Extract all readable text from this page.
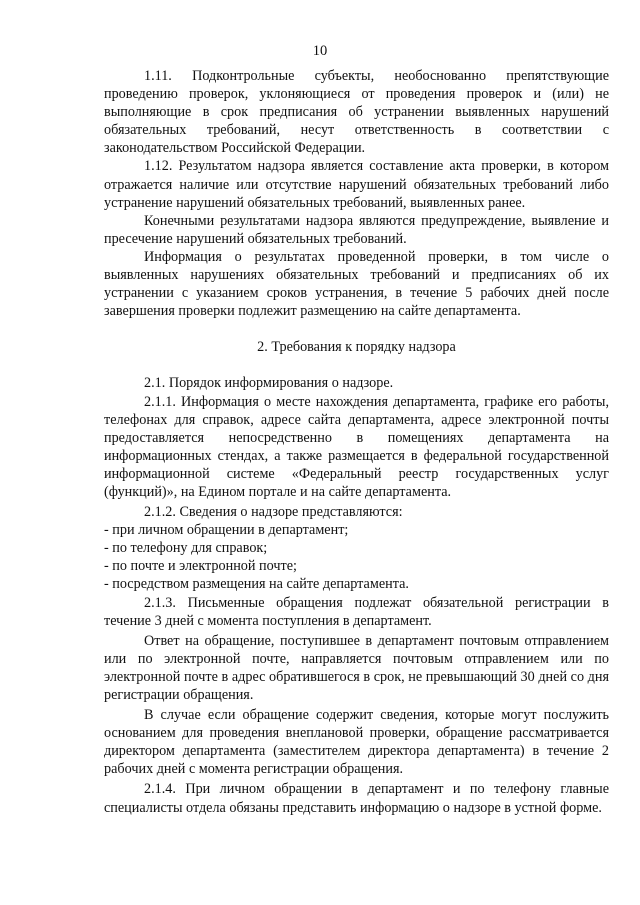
10

1.11. Подконтрольные субъекты, необоснованно препятствующие проведению проверок, уклоняющиеся от проведения проверок и (или) не выполняющие в срок предписания об устранении выявленных нарушений обязательных требований, несут ответственность в соответствии с законодательством Российской Федерации.

1.12. Результатом надзора является составление акта проверки, в котором отражается наличие или отсутствие нарушений обязательных требований либо устранение нарушений обязательных требований, выявленных ранее.

Конечными результатами надзора являются предупреждение, выявление и пресечение нарушений обязательных требований.

Информация о результатах проведенной проверки, в том числе о выявленных нарушениях обязательных требований и предписаниях об их устранении с указанием сроков устранения, в течение 5 рабочих дней после завершения проверки подлежит размещению на сайте департамента.

2. Требования к порядку надзора

2.1. Порядок информирования о надзоре.

2.1.1. Информация о месте нахождения департамента, графике его работы, телефонах для справок, адресе сайта департамента, адресе электронной почты предоставляется непосредственно в помещениях департамента на информационных стендах, а также размещается в федеральной государственной информационной системе «Федеральный реестр государственных услуг (функций)», на Едином портале и на сайте департамента.

2.1.2. Сведения о надзоре представляются:

- при личном обращении в департамент;

- по телефону для справок;

- по почте и электронной почте;

- посредством размещения на сайте департамента.

2.1.3. Письменные обращения подлежат обязательной регистрации в течение 3 дней с момента поступления в департамент.

Ответ на обращение, поступившее в департамент почтовым отправлением или по электронной почте, направляется почтовым отправлением или по электронной почте в адрес обратившегося в срок, не превышающий 30 дней со дня регистрации обращения.

В случае если обращение содержит сведения, которые могут послужить основанием для проведения внеплановой проверки, обращение рассматривается директором департамента (заместителем директора департамента) в течение 2 рабочих дней с момента регистрации обращения.

2.1.4. При личном обращении в департамент и по телефону главные специалисты отдела обязаны представить информацию о надзоре в устной форме.
